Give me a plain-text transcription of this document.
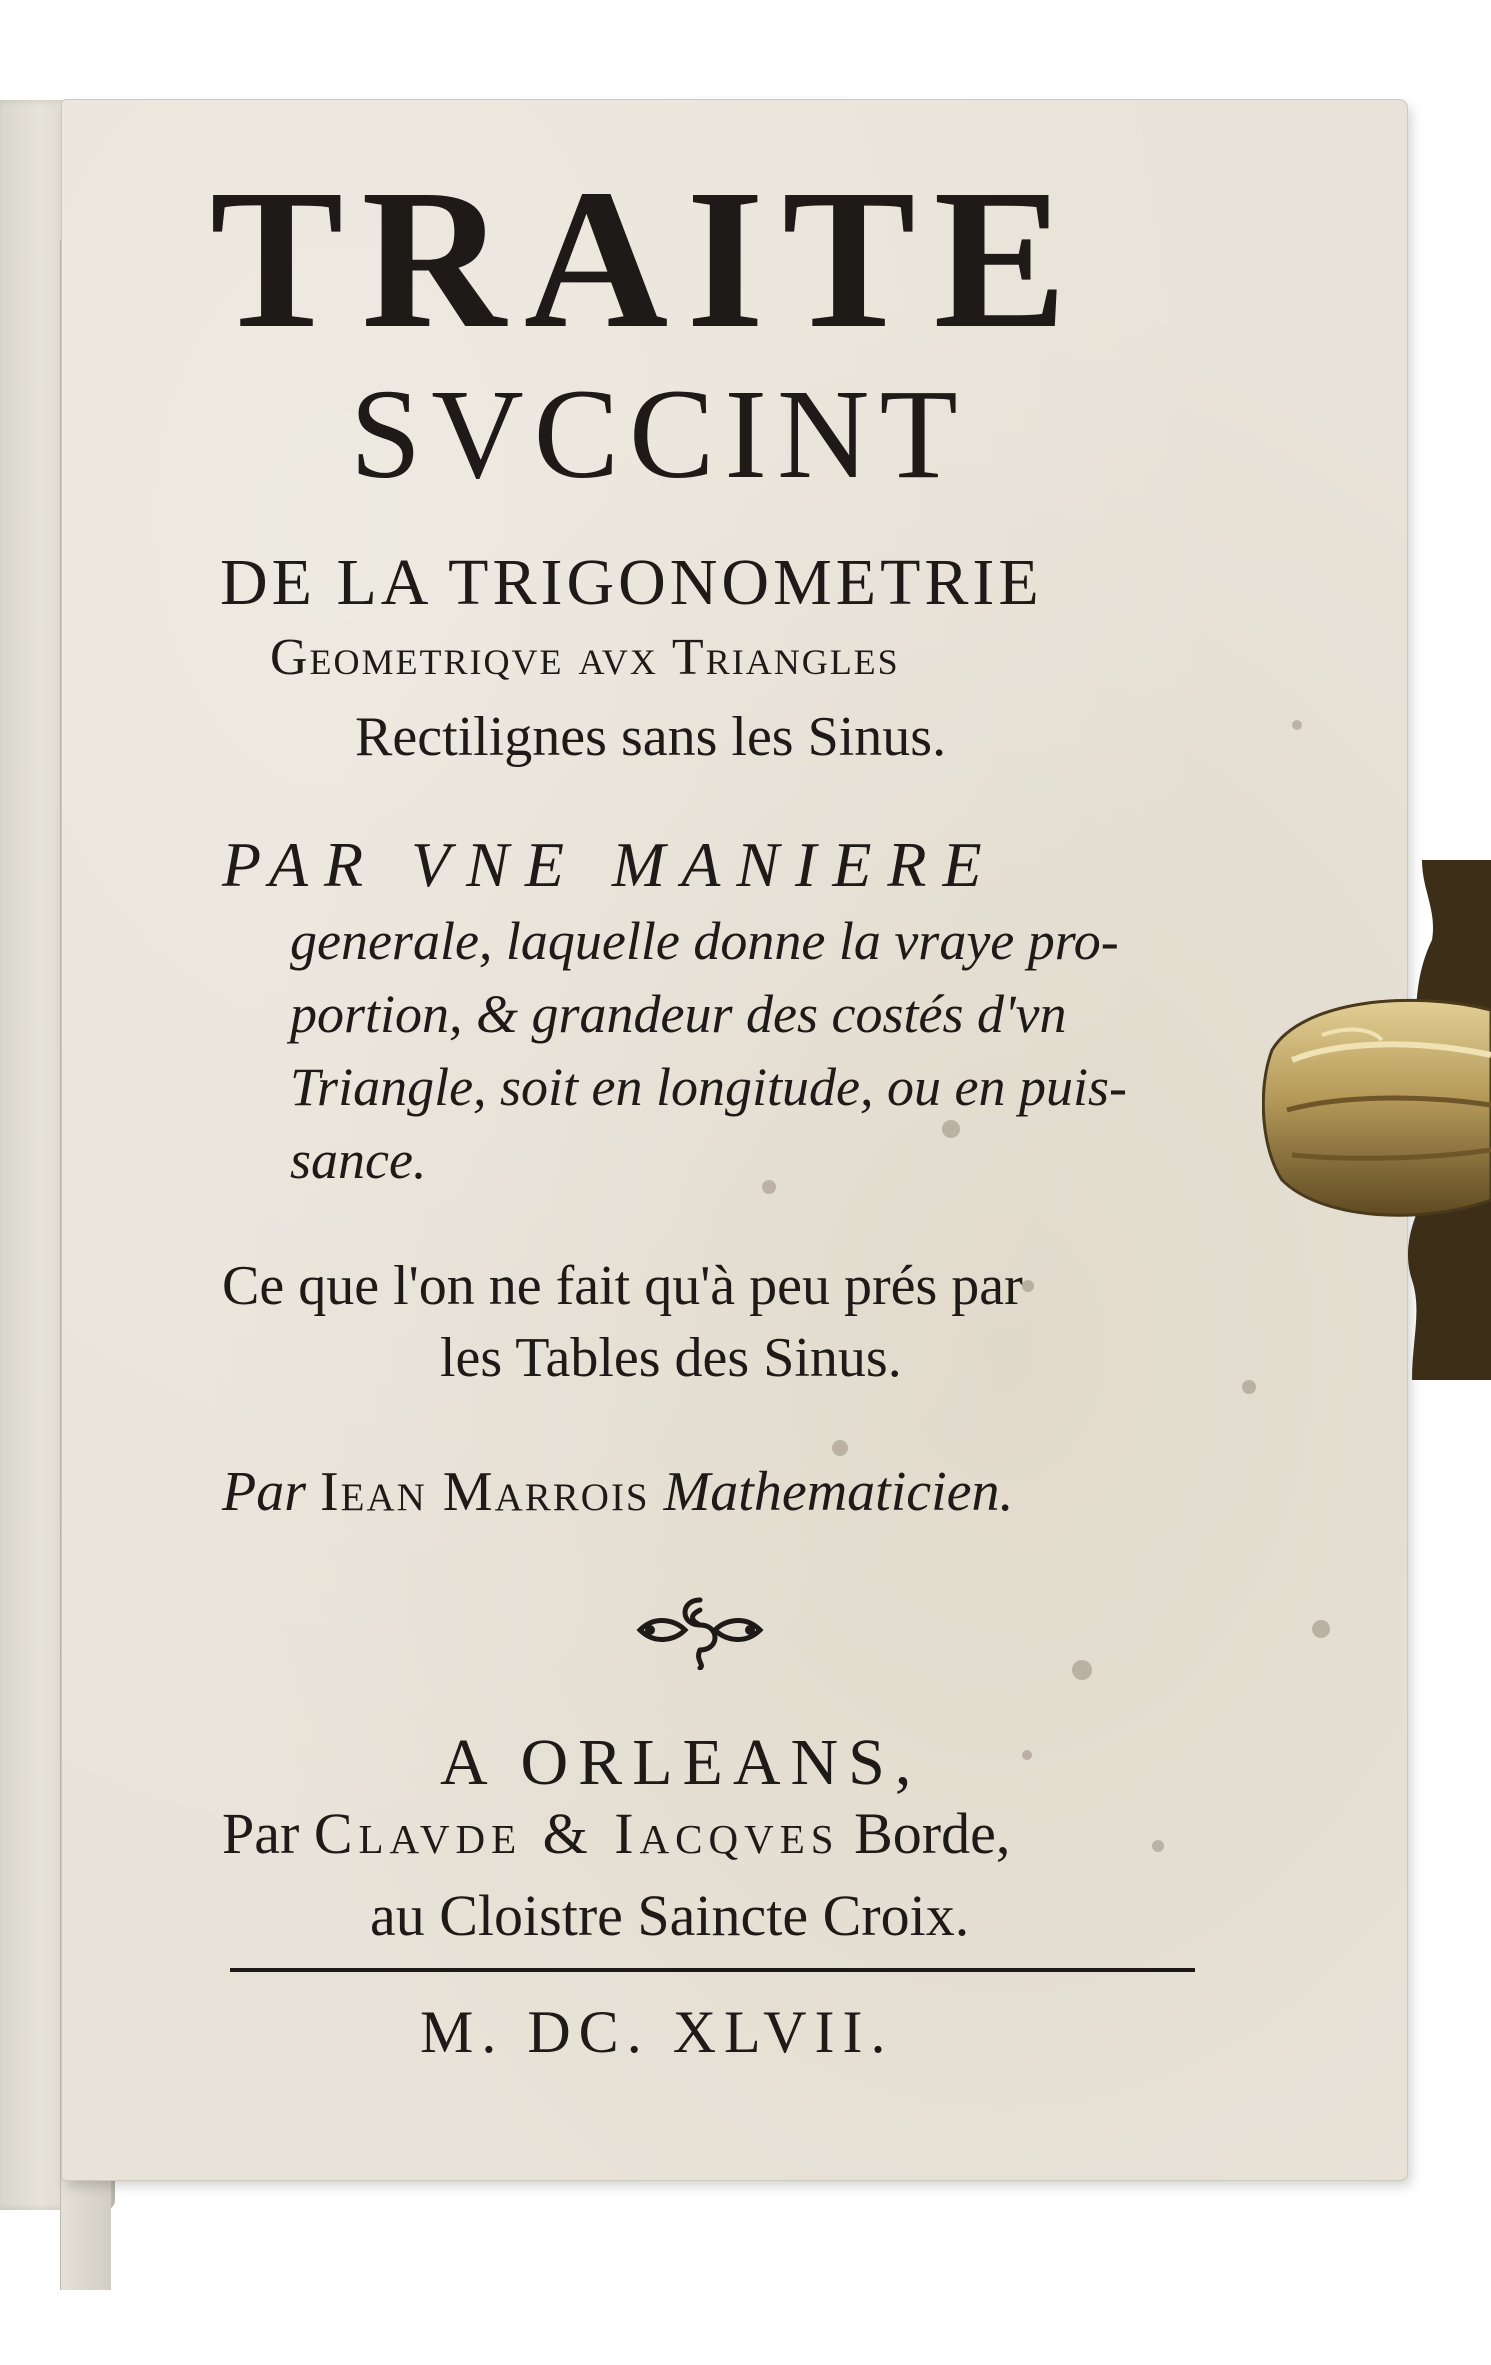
TRAITE
SVCCINT
DE LA TRIGONOMETRIE
Geometriqve avx Triangles
Rectilignes sans les Sinus.
PAR VNE MANIERE
generale, laquelle donne la vraye pro-
portion, & grandeur des costés d'vn
Triangle, soit en longitude, ou en puis-
sance.
Ce que l'on ne fait qu'à peu prés par
les Tables des Sinus.
Par Iean Marrois Mathematicien.
A ORLEANS,
Par Clavde & Iacqves Borde,
au Cloistre Saincte Croix.
M. DC. XLVII.
